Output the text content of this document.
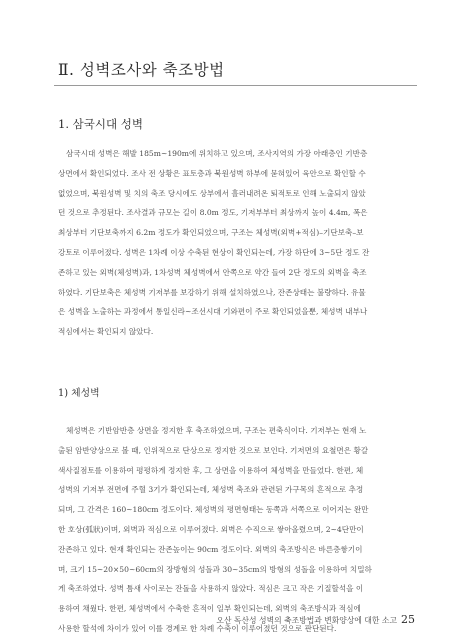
Ⅱ. 성벽조사와 축조방법
1. 삼국시대 성벽
삼국시대 성벽은 해발 185m~190m에 위치하고 있으며, 조사지역의 가장 아래층인 기반층
상면에서 확인되었다. 조사 전 상황은 표토층과 북원성벽 하부에 묻혀있어 육안으로 확인할 수
없었으며, 북원성벽 및 치의 축조 당시에도 상부에서 흘러내려온 퇴적토로 인해 노출되지 않았
던 것으로 추정된다. 조사결과 규모는 길이 8.0m 정도, 기저부부터 최상까지 높이 4.4m, 폭은
최상부터 기단보축까지 6.2m 정도가 확인되었으며, 구조는 체성벽(외벽+적심)–기단보축–보
강토로 이루어졌다. 성벽은 1차례 이상 수축된 현상이 확인되는데, 가장 하단에 3~5단 정도 잔
존하고 있는 외벽(체성벽)과, 1차성벽 체성벽에서 안쪽으로 약간 들여 2단 정도의 외벽을 축조
하였다. 기단보축은 체성벽 기저부를 보강하기 위해 설치하였으나, 잔존상태는 불량하다. 유물
은 성벽을 노출하는 과정에서 통일신라~조선시대 기와편이 주로 확인되었을뿐, 체성벽 내부나
적심에서는 확인되지 않았다.
1) 체성벽
체성벽은 기반암반층 상면을 정지한 후 축조하였으며, 구조는 편축식이다. 기저부는 현재 노
출된 암반양상으로 볼 때, 인위적으로 단상으로 정지한 것으로 보인다. 기저면의 요철면은 황갈
색사질점토를 이용하여 평평하게 정지한 후, 그 상면을 이용하여 체성벽을 만들었다. 한편, 체
성벽의 기저부 전면에 주혈 3기가 확인되는데, 체성벽 축조와 관련된 가구목의 흔적으로 추정
되며, 그 간격은 160~180cm 정도이다. 체성벽의 평면형태는 동쪽과 서쪽으로 이어지는 완만
한 호상(弧狀)이며, 외벽과 적심으로 이루어졌다. 외벽은 수직으로 쌓아올렸으며, 2~4단만이
잔존하고 있다. 현재 확인되는 잔존높이는 90cm 정도이다. 외벽의 축조방식은 바른층쌓기이
며, 크기 15~20×50~60cm의 장방형의 성돌과 30~35cm의 방형의 성돌을 이용하여 치밀하
게 축조하였다. 성벽 틈새 사이로는 잔돌을 사용하지 않았다. 적심은 크고 작은 기질할석을 이
용하여 채웠다. 한편, 체성벽에서 수축한 흔적이 일부 확인되는데, 외벽의 축조방식과 적심에
사용한 할석에 차이가 있어 이를 경계로 한 차례 수축이 이루어졌던 것으로 판단된다.
오산 독산성 성벽의 축조방법과 변화양상에 대한 소고 25
